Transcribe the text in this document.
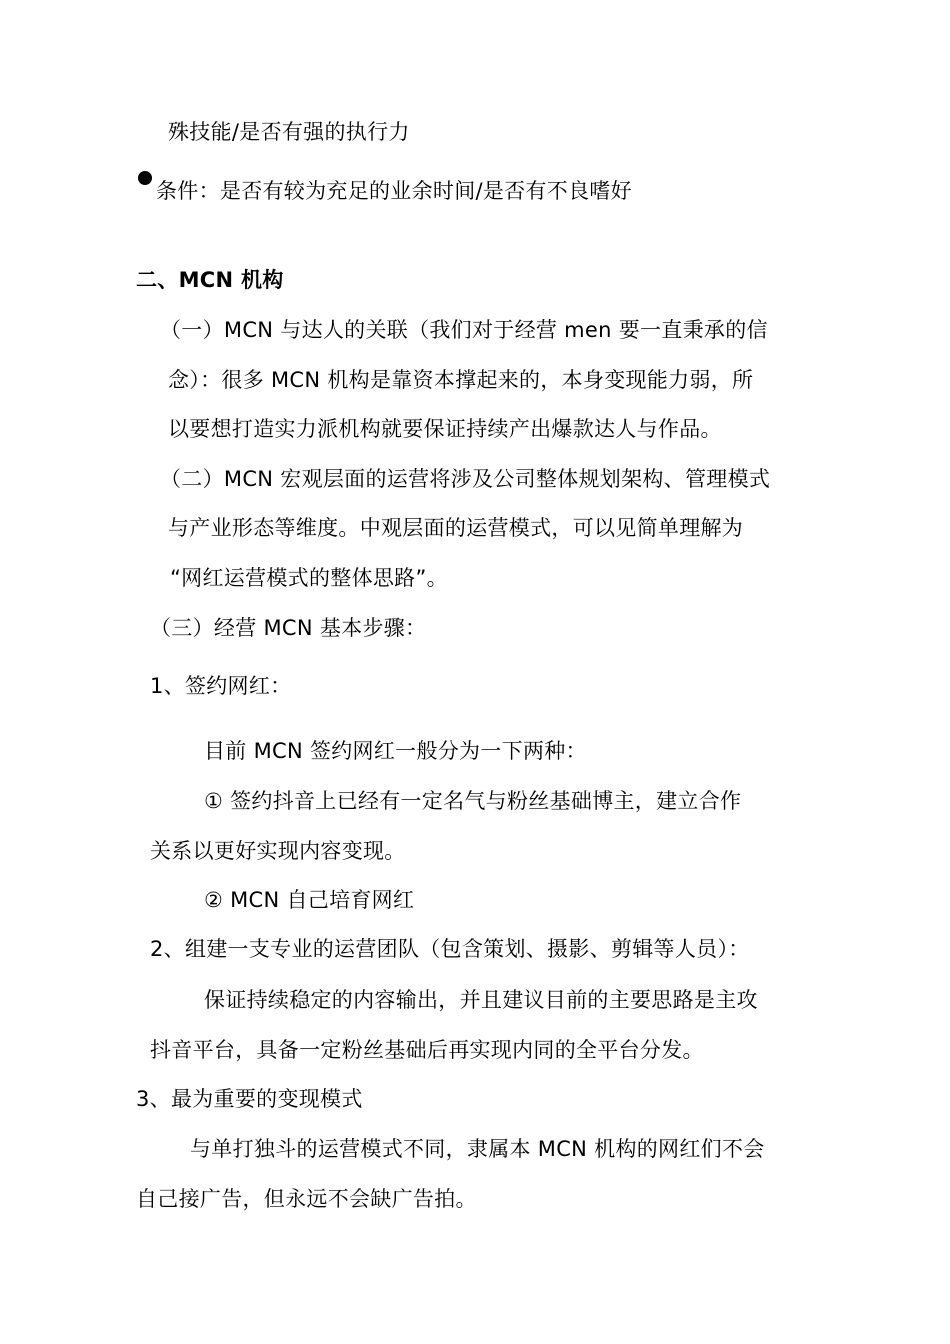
殊技能/是否有强的执行力
条件：是否有较为充足的业余时间/是否有不良嗜好
二、MCN 机构
（一）MCN 与达人的关联（我们对于经营 men 要一直秉承的信
念）：很多 MCN 机构是靠资本撑起来的，本身变现能力弱，所
以要想打造实力派机构就要保证持续产出爆款达人与作品。
（二）MCN 宏观层面的运营将涉及公司整体规划架构、管理模式
与产业形态等维度。中观层面的运营模式，可以见简单理解为
“网红运营模式的整体思路”。
（三）经营 MCN 基本步骤：
1、签约网红：
目前 MCN 签约网红一般分为一下两种：
① 签约抖音上已经有一定名气与粉丝基础博主，建立合作
关系以更好实现内容变现。
② MCN 自己培育网红
2、组建一支专业的运营团队（包含策划、摄影、剪辑等人员）：
保证持续稳定的内容输出，并且建议目前的主要思路是主攻
抖音平台，具备一定粉丝基础后再实现内同的全平台分发。
3、最为重要的变现模式
与单打独斗的运营模式不同，隶属本 MCN 机构的网红们不会
自己接广告，但永远不会缺广告拍。
